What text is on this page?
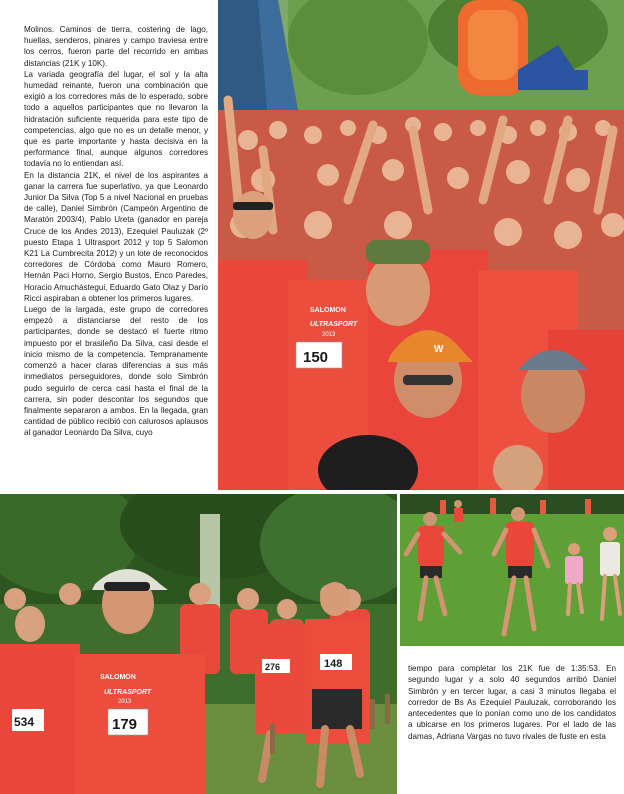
Molinos. Caminos de tierra, costering de lago, huellas, senderos, pinares y campo traviesa entre los cerros, fueron parte del recorrido en ambas distancias (21K y 10K).

La variada geografía del lugar, el sol y la alta humedad reinante, fueron una combinación que exigió a los corredores más de lo esperado, sobre todo a aquellos participantes que no llevaron la hidratación suficiente requerida para este tipo de competencias, algo que no es un detalle menor, y que es parte importante y hasta decisiva en la performance final, aunque algunos corredores todavía no lo entiendan así.

En la distancia 21K, el nivel de los aspirantes a ganar la carrera fue superlativo, ya que Leonardo Junior Da Silva (Top 5 a nivel Nacional en pruebas de calle), Daniel Simbrón (Campeón Argentino de Maratón 2003/4), Pablo Ureta (ganador en pareja Cruce de los Andes 2013), Ezequiel Pauluzak (2º puesto Etapa 1 Ultrasport 2012 y top 5 Salomon K21 La Cumbrecita 2012) y un lote de reconocidos corredores de Córdoba como Mauro Romero, Hernán Paci Horno, Sergio Bustos, Enco Paredes, Horacio Amuchástegui, Eduardo Gato Olaz y Darío Ricci aspiraban a obtener los primeros lugares.

Luego de la largada, este grupo de corredores empezó a distanciarse del resto de los participantes, donde se destacó el fuerte ritmo impuesto por el brasileño Da Silva, casi desde el inicio mismo de la competencia. Tempranamente comenzó a hacer claras diferencias a sus más inmediatos perseguidores, donde solo Simbrón pudo seguirlo de cerca casi hasta el final de la carrera, sin poder descontar los segundos que finalmente separaron a ambos. En la llegada, gran cantidad de público recibió con calurosos aplausos al ganador Leonardo Da Silva, cuyo

W
SALOMON
ULTRASPORT
2013
150
534
SALOMON
ULTRASPORT
2013
179
276	148	tiempo para completar los 21K fue de 1:35:53. En segundo lugar y a solo 40 segundos arribó Daniel Simbrón y en tercer lugar, a casi 3 minutos llegaba el corredor de Bs As Ezequiel Pauluzak, corroborando los antecedentes que lo ponían como uno de los candidatos a ubicarse en los primeros lugares. Por el lado de las damas, Adriana Vargas no tuvo rivales de fuste en esta
